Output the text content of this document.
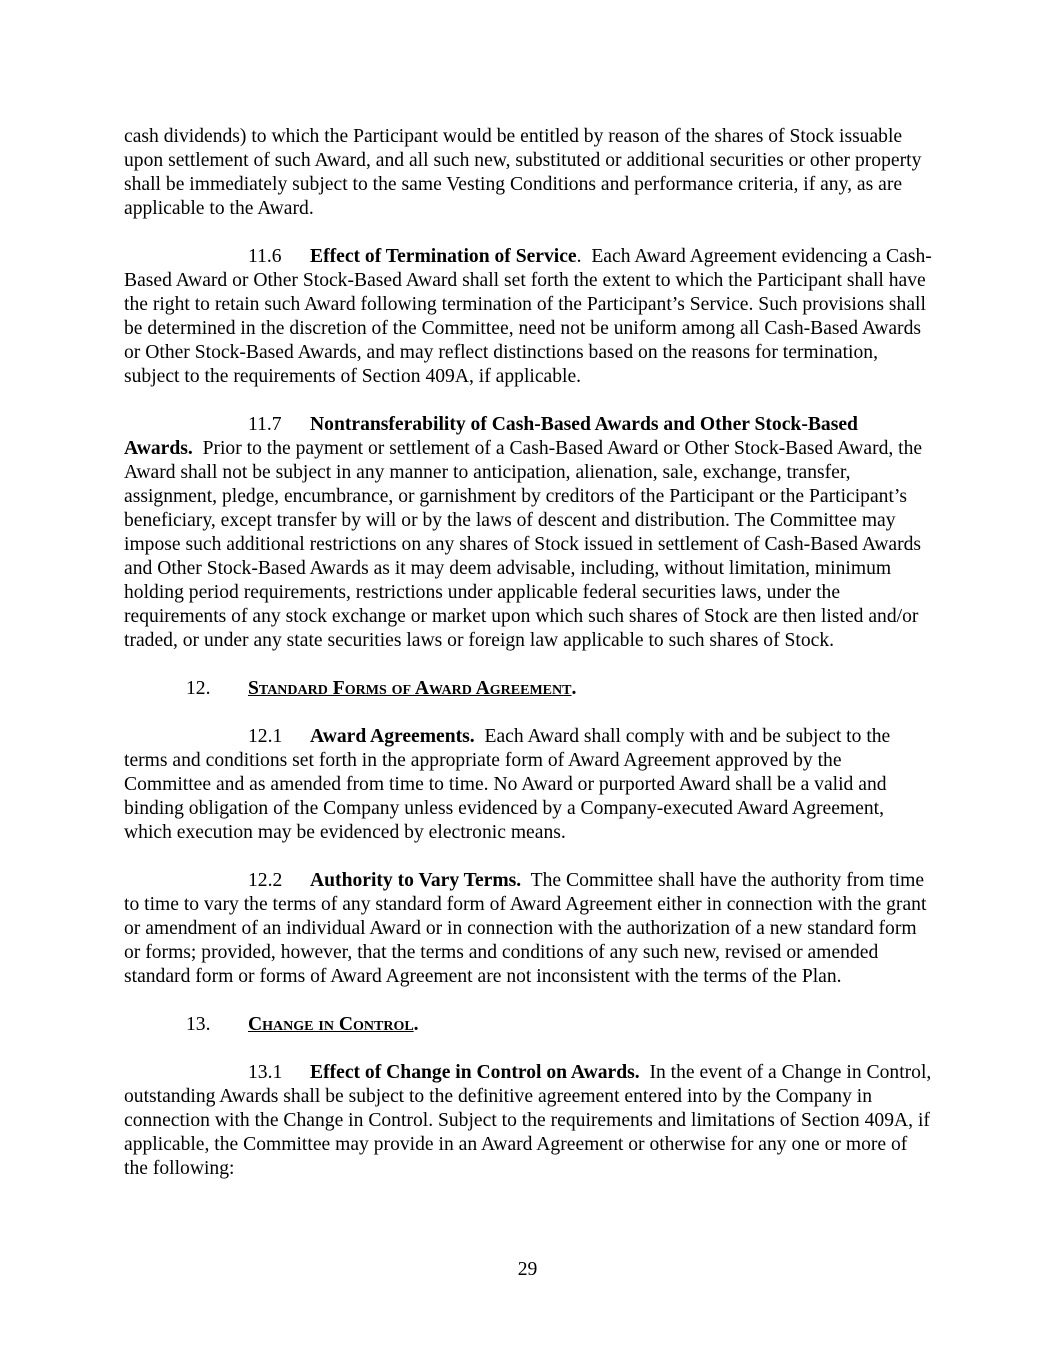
cash dividends) to which the Participant would be entitled by reason of the shares of Stock issuable upon settlement of such Award, and all such new, substituted or additional securities or other property shall be immediately subject to the same Vesting Conditions and performance criteria, if any, as are applicable to the Award.

11.6 Effect of Termination of Service. Each Award Agreement evidencing a Cash-Based Award or Other Stock-Based Award shall set forth the extent to which the Participant shall have the right to retain such Award following termination of the Participant’s Service. Such provisions shall be determined in the discretion of the Committee, need not be uniform among all Cash-Based Awards or Other Stock-Based Awards, and may reflect distinctions based on the reasons for termination, subject to the requirements of Section 409A, if applicable.

11.7 Nontransferability of Cash-Based Awards and Other Stock-Based Awards. Prior to the payment or settlement of a Cash-Based Award or Other Stock-Based Award, the Award shall not be subject in any manner to anticipation, alienation, sale, exchange, transfer, assignment, pledge, encumbrance, or garnishment by creditors of the Participant or the Participant’s beneficiary, except transfer by will or by the laws of descent and distribution. The Committee may impose such additional restrictions on any shares of Stock issued in settlement of Cash-Based Awards and Other Stock-Based Awards as it may deem advisable, including, without limitation, minimum holding period requirements, restrictions under applicable federal securities laws, under the requirements of any stock exchange or market upon which such shares of Stock are then listed and/or traded, or under any state securities laws or foreign law applicable to such shares of Stock.

12. Standard Forms of Award Agreement.

12.1 Award Agreements. Each Award shall comply with and be subject to the terms and conditions set forth in the appropriate form of Award Agreement approved by the Committee and as amended from time to time. No Award or purported Award shall be a valid and binding obligation of the Company unless evidenced by a Company-executed Award Agreement, which execution may be evidenced by electronic means.

12.2 Authority to Vary Terms. The Committee shall have the authority from time to time to vary the terms of any standard form of Award Agreement either in connection with the grant or amendment of an individual Award or in connection with the authorization of a new standard form or forms; provided, however, that the terms and conditions of any such new, revised or amended standard form or forms of Award Agreement are not inconsistent with the terms of the Plan.

13. Change in Control.

13.1 Effect of Change in Control on Awards. In the event of a Change in Control, outstanding Awards shall be subject to the definitive agreement entered into by the Company in connection with the Change in Control. Subject to the requirements and limitations of Section 409A, if applicable, the Committee may provide in an Award Agreement or otherwise for any one or more of the following:

29
